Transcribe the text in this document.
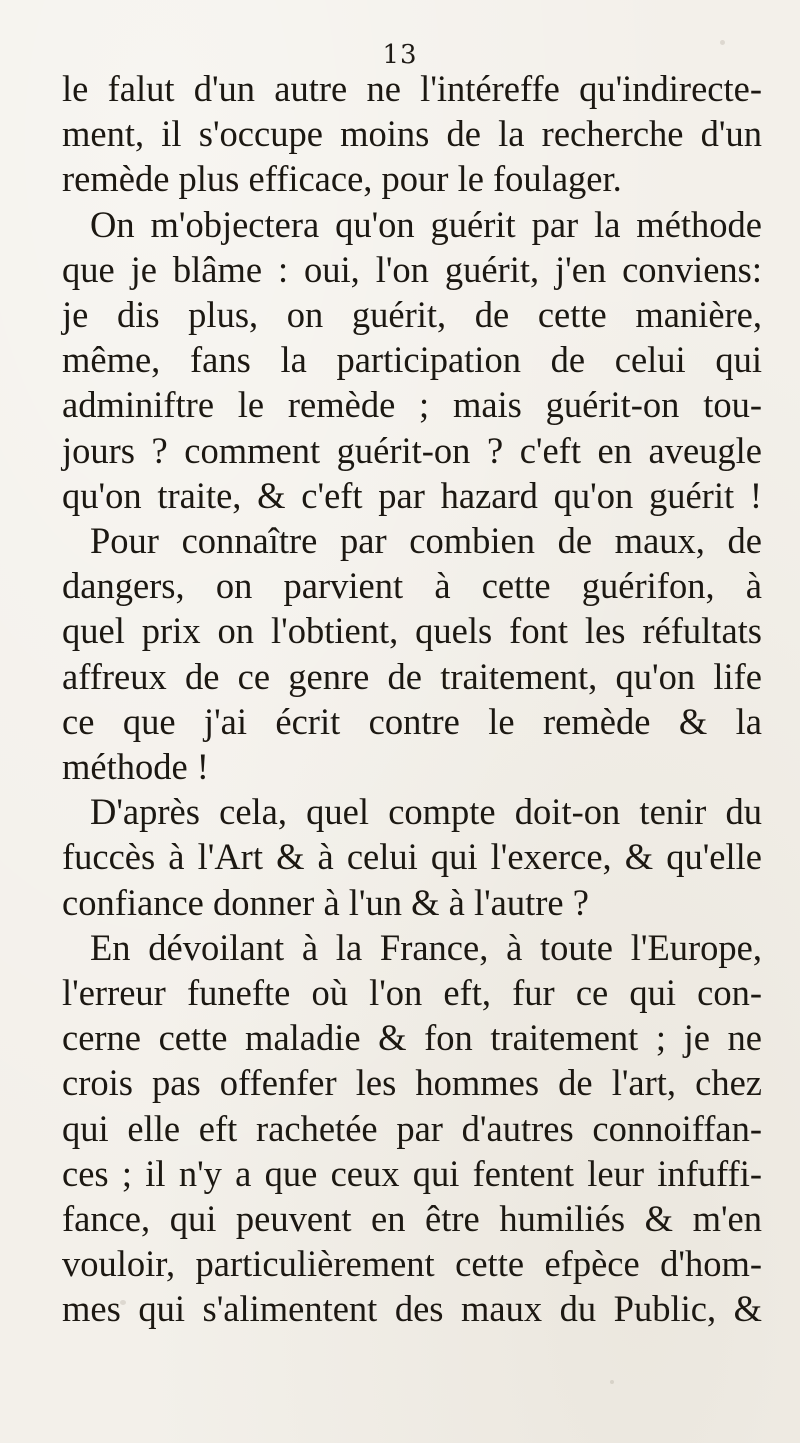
13
le falut d'un autre ne l'intéreffe qu'indirecte-
ment, il s'occupe moins de la recherche d'un
remède plus efficace, pour le foulager.
On m'objectera qu'on guérit par la méthode
que je blâme : oui, l'on guérit, j'en conviens:
je dis plus, on guérit, de cette manière,
même, fans la participation de celui qui
adminiftre le remède ; mais guérit-on tou-
jours ? comment guérit-on ? c'eft en aveugle
qu'on traite, & c'eft par hazard qu'on guérit !
Pour connaître par combien de maux, de
dangers, on parvient à cette guérifon, à
quel prix on l'obtient, quels font les réfultats
affreux de ce genre de traitement, qu'on life
ce que j'ai écrit contre le remède & la
méthode !
D'après cela, quel compte doit-on tenir du
fuccès à l'Art & à celui qui l'exerce, & qu'elle
confiance donner à l'un & à l'autre ?
En dévoilant à la France, à toute l'Europe,
l'erreur funefte où l'on eft, fur ce qui con-
cerne cette maladie & fon traitement ; je ne
crois pas offenfer les hommes de l'art, chez
qui elle eft rachetée par d'autres connoiffan-
ces ; il n'y a que ceux qui fentent leur infuffi-
fance, qui peuvent en être humiliés & m'en
vouloir, particulièrement cette efpèce d'hom-
mes qui s'alimentent des maux du Public, &
